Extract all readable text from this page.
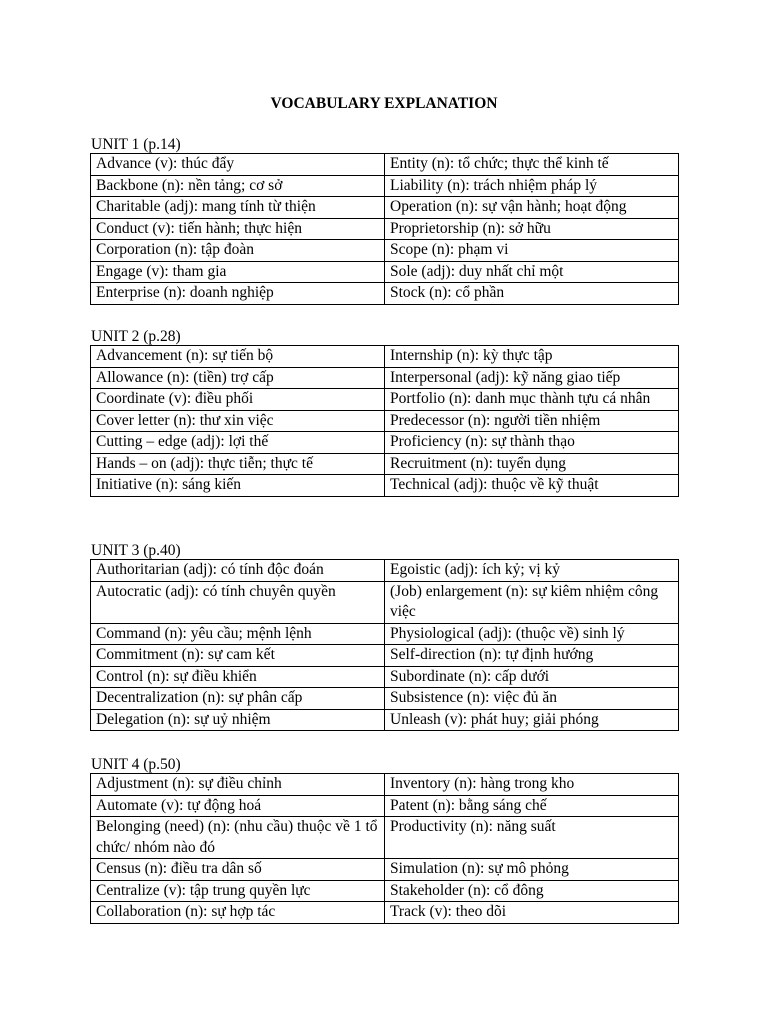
VOCABULARY EXPLANATION
UNIT 1 (p.14)
Advance (v): thúc đẩy	Entity (n): tổ chức; thực thể kinh tế
Backbone (n): nền tảng; cơ sở	Liability (n): trách nhiệm pháp lý
Charitable (adj): mang tính từ thiện	Operation (n): sự vận hành; hoạt động
Conduct (v): tiến hành; thực hiện	Proprietorship (n): sở hữu
Corporation (n): tập đoàn	Scope (n): phạm vi
Engage (v): tham gia	Sole (adj): duy nhất chỉ một
Enterprise (n): doanh nghiệp	Stock (n): cổ phần
UNIT 2 (p.28)
Advancement (n): sự tiến bộ	Internship (n): kỳ thực tập
Allowance (n): (tiền) trợ cấp	Interpersonal (adj): kỹ năng giao tiếp
Coordinate (v): điều phối	Portfolio (n): danh mục thành tựu cá nhân
Cover letter (n): thư xin việc	Predecessor (n): người tiền nhiệm
Cutting – edge (adj): lợi thế	Proficiency (n): sự thành thạo
Hands – on (adj): thực tiễn; thực tế	Recruitment (n): tuyển dụng
Initiative (n): sáng kiến	Technical (adj): thuộc về kỹ thuật
UNIT 3 (p.40)
Authoritarian (adj): có tính độc đoán	Egoistic (adj): ích kỷ; vị kỷ
Autocratic (adj): có tính chuyên quyền	(Job) enlargement (n): sự kiêm nhiệm công việc
Command (n): yêu cầu; mệnh lệnh	Physiological (adj): (thuộc về) sinh lý
Commitment (n): sự cam kết	Self-direction (n): tự định hướng
Control (n): sự điều khiển	Subordinate (n): cấp dưới
Decentralization (n): sự phân cấp	Subsistence (n): việc đủ ăn
Delegation (n): sự uỷ nhiệm	Unleash (v): phát huy; giải phóng
UNIT 4 (p.50)
Adjustment (n): sự điều chỉnh	Inventory (n): hàng trong kho
Automate (v): tự động hoá	Patent (n): bằng sáng chế
Belonging (need) (n): (nhu cầu) thuộc về 1 tổ chức/ nhóm nào đó	Productivity (n): năng suất
Census (n): điều tra dân số	Simulation (n): sự mô phỏng
Centralize (v): tập trung quyền lực	Stakeholder (n): cổ đông
Collaboration (n): sự hợp tác	Track (v): theo dõi
